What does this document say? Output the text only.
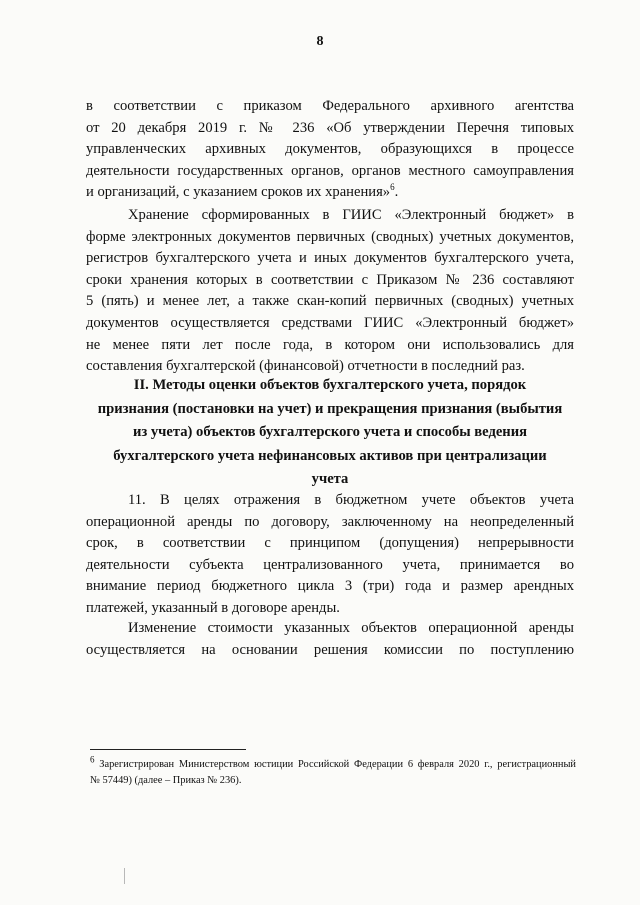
8
в соответствии с приказом Федерального архивного агентства
от 20 декабря 2019 г. № 236 «Об утверждении Перечня типовых
управленческих архивных документов, образующихся в процессе
деятельности государственных органов, органов местного самоуправления
и организаций, с указанием сроков их хранения»$^6$.
Хранение сформированных в ГИИС «Электронный бюджет» в
форме электронных документов первичных (сводных) учетных документов,
регистров бухгалтерского учета и иных документов бухгалтерского учета,
сроки хранения которых в соответствии с Приказом № 236 составляют
5 (пять) и менее лет, а также скан-копий первичных (сводных) учетных
документов осуществляется средствами ГИИС «Электронный бюджет»
не менее пяти лет после года, в котором они использовались для
составления бухгалтерской (финансовой) отчетности в последний раз.
II. Методы оценки объектов бухгалтерского учета, порядок
признания (постановки на учет) и прекращения признания (выбытия
из учета) объектов бухгалтерского учета и способы ведения
бухгалтерского учета нефинансовых активов при централизации
учета
11. В целях отражения в бюджетном учете объектов учета
операционной аренды по договору, заключенному на неопределенный
срок, в соответствии с принципом (допущения) непрерывности
деятельности субъекта централизованного учета, принимается во
внимание период бюджетного цикла 3 (три) года и размер арендных
платежей, указанный в договоре аренды.
Изменение стоимости указанных объектов операционной аренды
осуществляется на основании решения комиссии по поступлению
$^6$ Зарегистрирован Министерством юстиции Российской Федерации 6 февраля 2020 г., регистрационный
№ 57449) (далее – Приказ № 236).
